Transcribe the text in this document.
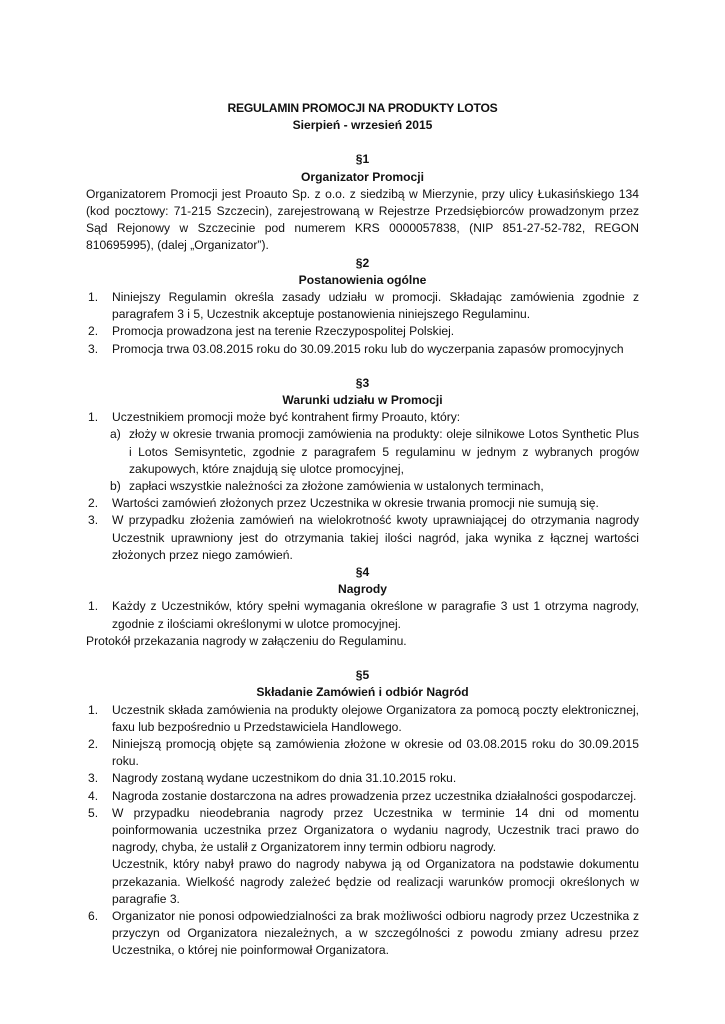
REGULAMIN PROMOCJI NA PRODUKTY LOTOS
Sierpień - wrzesień 2015
§1
Organizator Promocji
Organizatorem Promocji jest Proauto Sp. z o.o. z siedzibą w Mierzynie, przy ulicy Łukasińskiego 134 (kod pocztowy: 71-215 Szczecin), zarejestrowaną w Rejestrze Przedsiębiorców prowadzonym przez Sąd Rejonowy w Szczecinie pod numerem KRS 0000057838, (NIP 851-27-52-782, REGON 810695995), (dalej „Organizator”).
§2
Postanowienia ogólne
1. Niniejszy Regulamin określa zasady udziału w promocji. Składając zamówienia zgodnie z paragrafem 3 i 5, Uczestnik akceptuje postanowienia niniejszego Regulaminu.
2. Promocja prowadzona jest na terenie Rzeczypospolitej Polskiej.
3. Promocja trwa 03.08.2015 roku do 30.09.2015 roku lub do wyczerpania zapasów promocyjnych
§3
Warunki udziału w Promocji
1. Uczestnikiem promocji może być kontrahent firmy Proauto, który:
a) złoży w okresie trwania promocji zamówienia na produkty: oleje silnikowe Lotos Synthetic Plus i Lotos Semisyntetic, zgodnie z paragrafem 5 regulaminu w jednym z wybranych progów zakupowych, które znajdują się ulotce promocyjnej,
b) zapłaci wszystkie należności za złożone zamówienia w ustalonych terminach,
2. Wartości zamówień złożonych przez Uczestnika w okresie trwania promocji nie sumują się.
3. W przypadku złożenia zamówień na wielokrotność kwoty uprawniającej do otrzymania nagrody Uczestnik uprawniony jest do otrzymania takiej ilości nagród, jaka wynika z łącznej wartości złożonych przez niego zamówień.
§4
Nagrody
1. Każdy z Uczestników, który spełni wymagania określone w paragrafie 3 ust 1 otrzyma nagrody, zgodnie z ilościami określonymi w ulotce promocyjnej.
Protokół przekazania nagrody w załączeniu do Regulaminu.
§5
Składanie Zamówień i odbiór Nagród
1. Uczestnik składa zamówienia na produkty olejowe Organizatora za pomocą poczty elektronicznej, faxu lub bezpośrednio u Przedstawiciela Handlowego.
2. Niniejszą promocją objęte są zamówienia złożone w okresie od 03.08.2015 roku do 30.09.2015 roku.
3. Nagrody zostaną wydane uczestnikom do dnia 31.10.2015 roku.
4. Nagroda zostanie dostarczona na adres prowadzenia przez uczestnika działalności gospodarczej.
5. W przypadku nieodebrania nagrody przez Uczestnika w terminie 14 dni od momentu poinformowania uczestnika przez Organizatora o wydaniu nagrody, Uczestnik traci prawo do nagrody, chyba, że ustalił z Organizatorem inny termin odbioru nagrody.
Uczestnik, który nabył prawo do nagrody nabywa ją od Organizatora na podstawie dokumentu przekazania. Wielkość nagrody zależeć będzie od realizacji warunków promocji określonych w paragrafie 3.
6. Organizator nie ponosi odpowiedzialności za brak możliwości odbioru nagrody przez Uczestnika z przyczyn od Organizatora niezależnych, a w szczególności z powodu zmiany adresu przez Uczestnika, o której nie poinformował Organizatora.
